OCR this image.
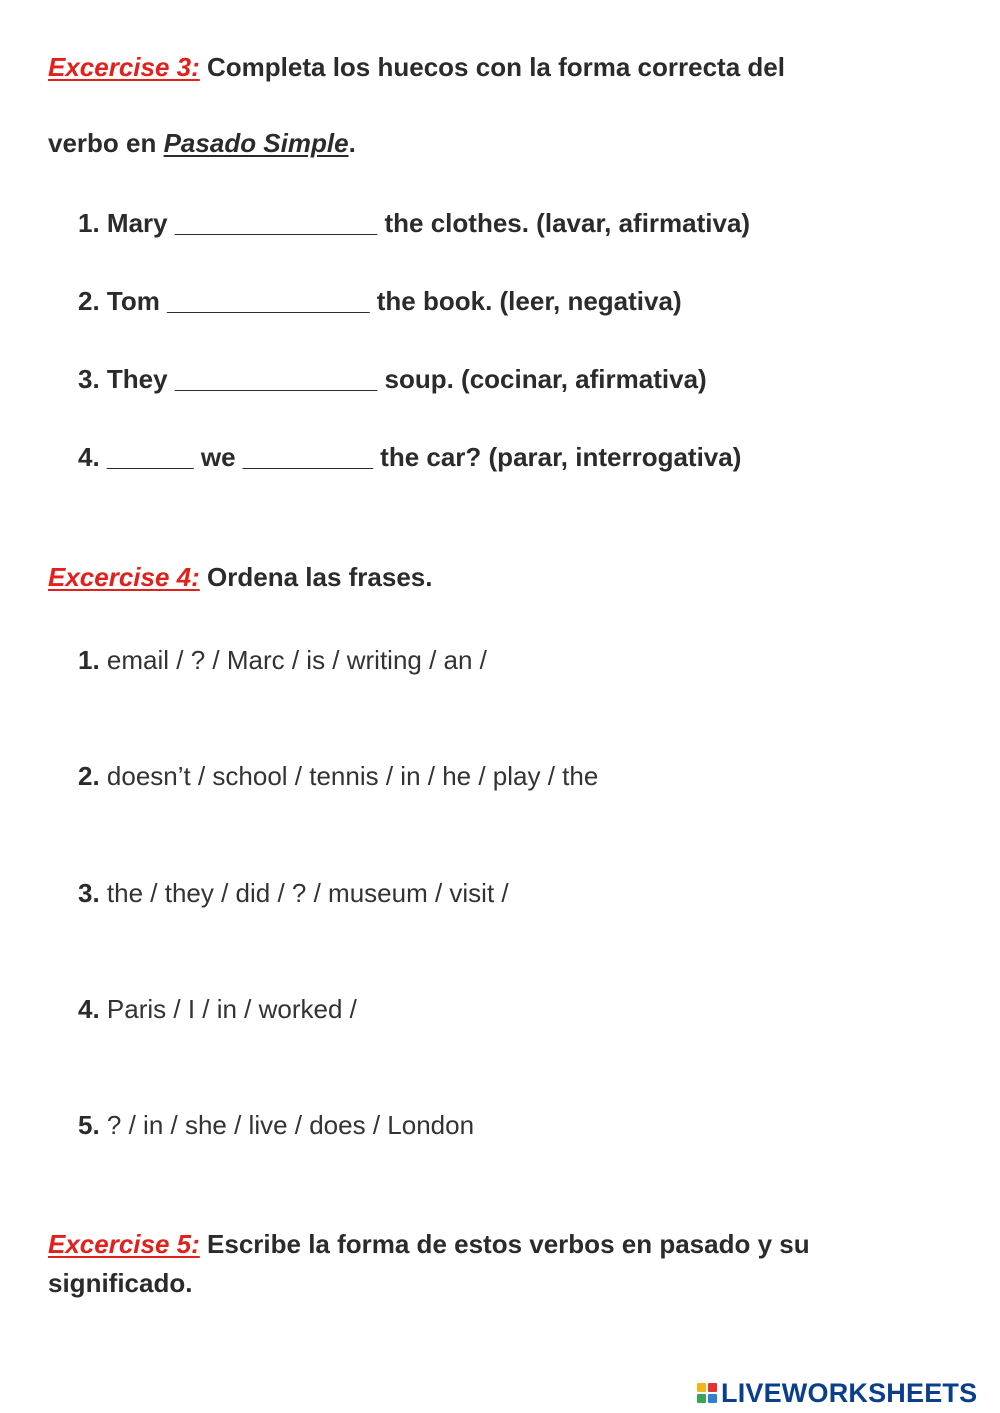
Excercise 3: Completa los huecos con la forma correcta del
verbo en Pasado Simple.
1. Mary ______________ the clothes. (lavar, afirmativa)
2. Tom ______________ the book. (leer, negativa)
3. They ______________ soup. (cocinar, afirmativa)
4. ______ we _________ the car? (parar, interrogativa)
Excercise 4: Ordena las frases.
1. email / ? / Marc / is / writing / an /
2. doesn’t / school / tennis / in / he / play / the
3. the / they / did / ? / museum / visit /
4. Paris / I / in / worked /
5. ? / in / she / live / does / London
Excercise 5: Escribe la forma de estos verbos en pasado y su
significado.
LIVEWORKSHEETS
